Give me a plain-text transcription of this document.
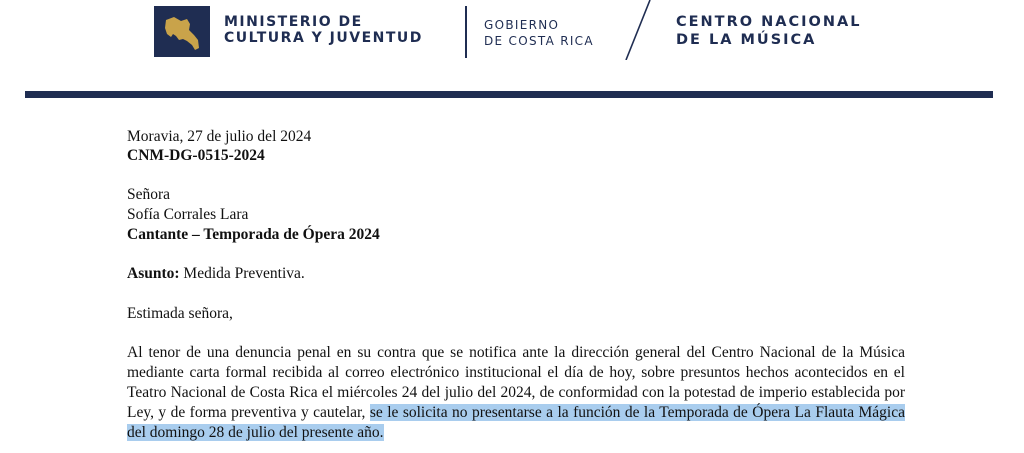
MINISTERIO DE
CULTURA Y JUVENTUD
GOBIERNO
DE COSTA RICA
CENTRO NACIONAL
DE LA MÚSICA
Moravia, 27 de julio del 2024
CNM-DG-0515-2024
Señora
Sofía Corrales Lara
Cantante – Temporada de Ópera 2024
Asunto: Medida Preventiva.
Estimada señora,
Al tenor de una denuncia penal en su contra que se notifica ante la dirección general del Centro Nacional de la Música mediante carta formal recibida al correo electrónico institucional el día de hoy, sobre presuntos hechos acontecidos en el Teatro Nacional de Costa Rica el miércoles 24 del julio del 2024, de conformidad con la potestad de imperio establecida por Ley, y de forma preventiva y cautelar, se le solicita no presentarse a la función de la Temporada de Ópera La Flauta Mágica del domingo 28 de julio del presente año.
